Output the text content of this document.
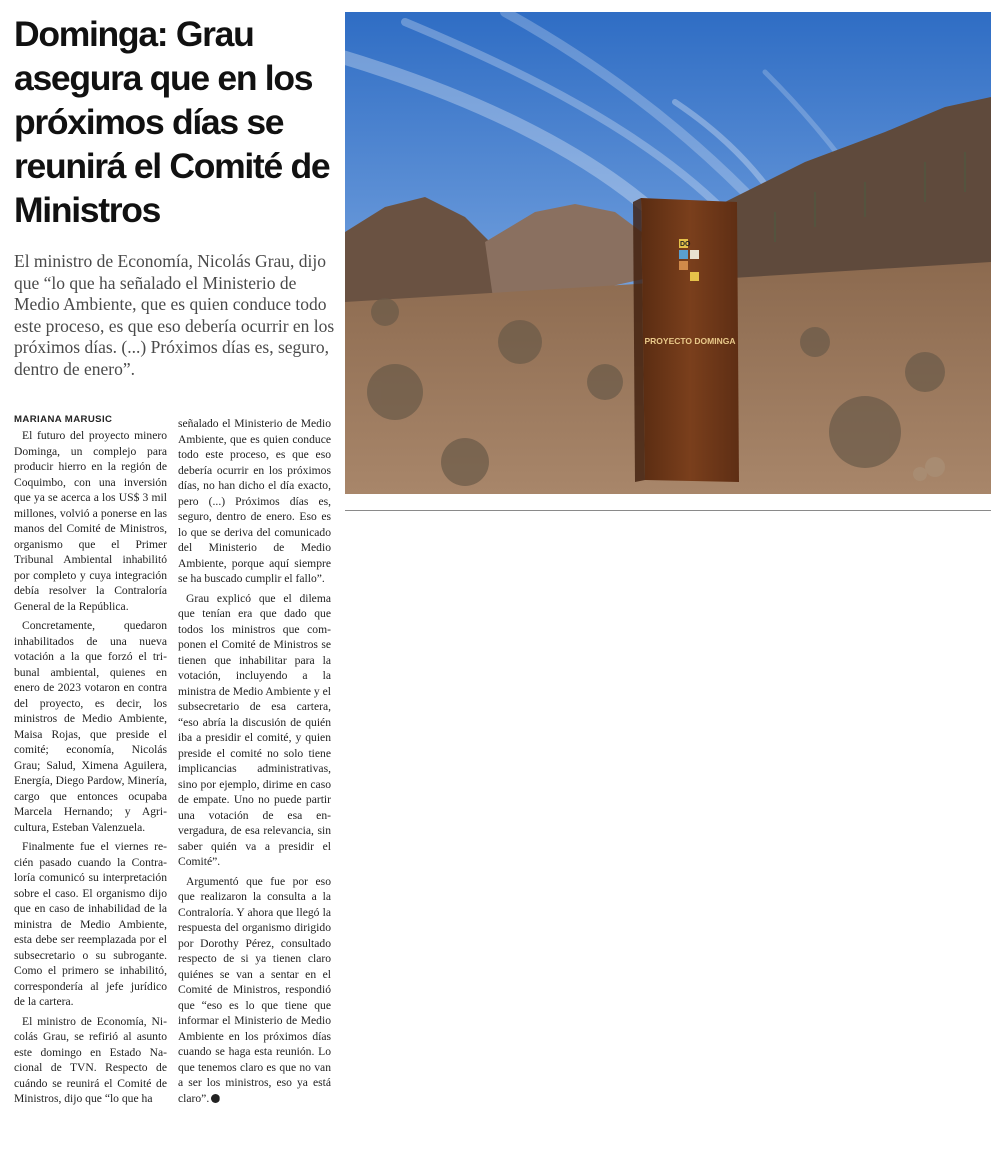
Dominga: Grau asegura que en los próximos días se reunirá el Comité de Ministros

El ministro de Economía, Nicolás Grau, dijo que “lo que ha señalado el Ministerio de Medio Ambiente, que es quien conduce todo este proceso, es que eso debería ocurrir en los próximos días. (...) Próximos días es, seguro, dentro de enero”.

DO
PROYECTO DOMINGA
MARIANA MARUSIC

El futuro del proyecto minero Dominga, un complejo para producir hierro en la región de Coquimbo, con una inversión que ya se acerca a los US$ 3 mil millones, volvió a ponerse en las manos del Comité de Ministros, organismo que el Primer Tribunal Ambiental inhabilitó por completo y cuya integración debía resolver la Contraloría General de la República.

Concretamente, quedaron inhabilitados de una nueva votación a la que forzó el tribunal ambiental, quienes en enero de 2023 votaron en contra del proyecto, es decir, los ministros de Medio Ambiente, Maisa Rojas, que preside el comité; economía, Nicolás Grau; Salud, Ximena Aguilera, Energía, Diego Pardow, Minería, cargo que entonces ocupaba Marcela Hernando; y Agricultura, Esteban Valenzuela.

Finalmente fue el viernes recién pasado cuando la Contraloría comunicó su interpretación sobre el caso. El organismo dijo que en caso de inhabilidad de la ministra de Medio Ambiente, esta debe ser reemplazada por el subsecretario o su subrogante. Como el primero se inhabilitó, correspondería al jefe jurídico de la cartera.

El ministro de Economía, Nicolás Grau, se refirió al asunto este domingo en Estado Nacional de TVN. Respecto de cuándo se reunirá el Comité de Ministros, dijo que “lo que ha

señalado el Ministerio de Medio Ambiente, que es quien conduce todo este proceso, es que eso debería ocurrir en los próximos días, no han dicho el día exacto, pero (...) Próximos días es, seguro, dentro de enero. Eso es lo que se deriva del comunicado del Ministerio de Medio Ambiente, porque aquí siempre se ha buscado cumplir el fallo”.

Grau explicó que el dilema que tenían era que dado que todos los ministros que componen el Comité de Ministros se tienen que inhabilitar para la votación, incluyendo a la ministra de Medio Ambiente y el subsecretario de esa cartera, “eso abría la discusión de quién iba a presidir el comité, y quien preside el comité no solo tiene implicancias administrativas, sino por ejemplo, dirime en caso de empate. Uno no puede partir una votación de esa envergadura, de esa relevancia, sin saber quién va a presidir el Comité”.

Argumentó que fue por eso que realizaron la consulta a la Contraloría. Y ahora que llegó la respuesta del organismo dirigido por Dorothy Pérez, consultado respecto de si ya tienen claro quiénes se van a sentar en el Comité de Ministros, respondió que “eso es lo que tiene que informar el Ministerio de Medio Ambiente en los próximos días cuando se haga esta reunión. Lo que tenemos claro es que no van a ser los ministros, eso ya está claro”. P
